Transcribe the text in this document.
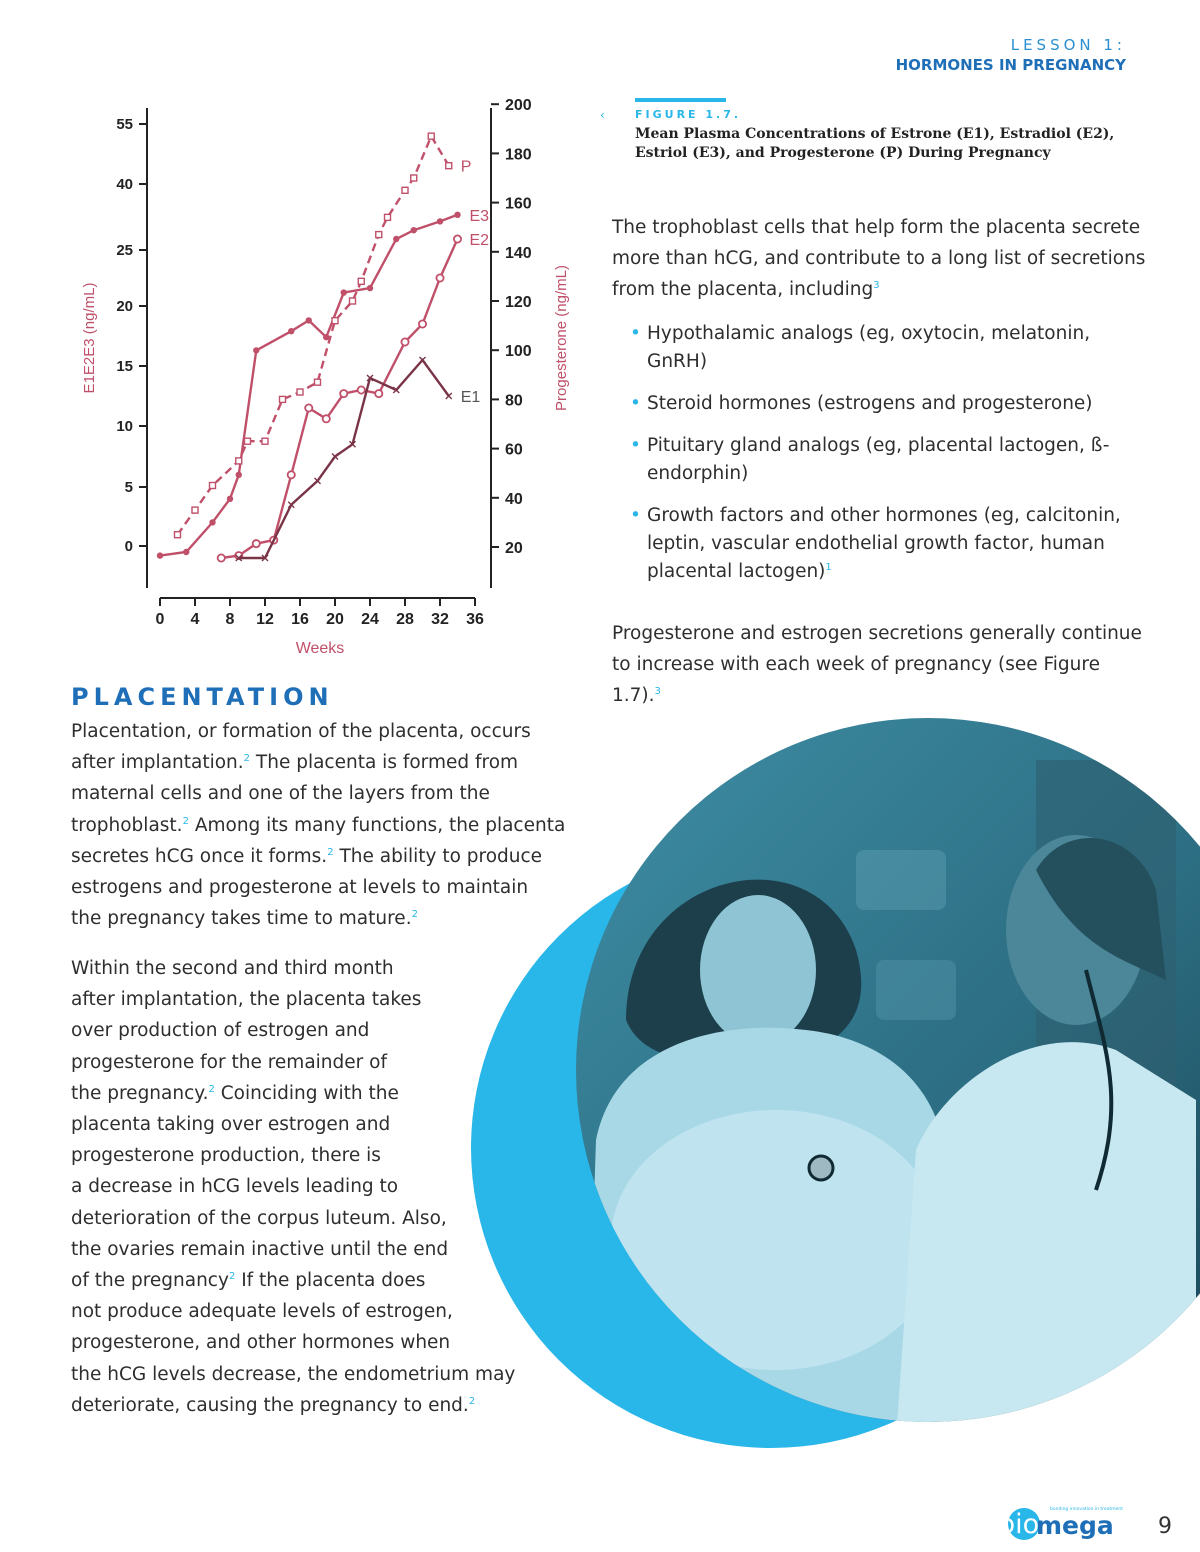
LESSON 1:
HORMONES IN PREGNANCY
0
5
10
15
20
25
40
55
20
40
60
80
100
120
140
160
180
200
0 4 8 12 16 20 24 28 32 36
Weeks
E1E2E3 (ng/mL)	Progesterone (ng/mL)
E3
P
E2
E1
‹	FIGURE 1.7.
Mean Plasma Concentrations of Estrone (E1), Estradiol (E2), Estriol (E3), and Progesterone (P) During Pregnancy
The trophoblast cells that help form the placenta secrete more than hCG, and contribute to a long list of secretions from the placenta, including$^3$
• Hypothalamic analogs (eg, oxytocin, melatonin, GnRH)
• Steroid hormones (estrogens and progesterone)
• Pituitary gland analogs (eg, placental lactogen, ß-endorphin)
• Growth factors and other hormones (eg, calcitonin, leptin, vascular endothelial growth factor, human placental lactogen)$^1$
Progesterone and estrogen secretions generally continue to increase with each week of pregnancy (see Figure 1.7).$^3$
PLACENTATION
Placentation, or formation of the placenta, occurs
after implantation.$^2$ The placenta is formed from
maternal cells and one of the layers from the
trophoblast.$^2$ Among its many functions, the placenta
secretes hCG once it forms.$^2$ The ability to produce
estrogens and progesterone at levels to maintain
the pregnancy takes time to mature.$^2$
Within the second and third month
after implantation, the placenta takes
over production of estrogen and
progesterone for the remainder of
the pregnancy.$^2$ Coinciding with the
placenta taking over estrogen and
progesterone production, there is
a decrease in hCG levels leading to
deterioration of the corpus luteum. Also,
the ovaries remain inactive until the end
of the pregnancy$^2$ If the placenta does
not produce adequate levels of estrogen,
progesterone, and other hormones when
the hCG levels decrease, the endometrium may
deteriorate, causing the pregnancy to end.$^2$
bio
mega
bonding innovation in treatment
9
